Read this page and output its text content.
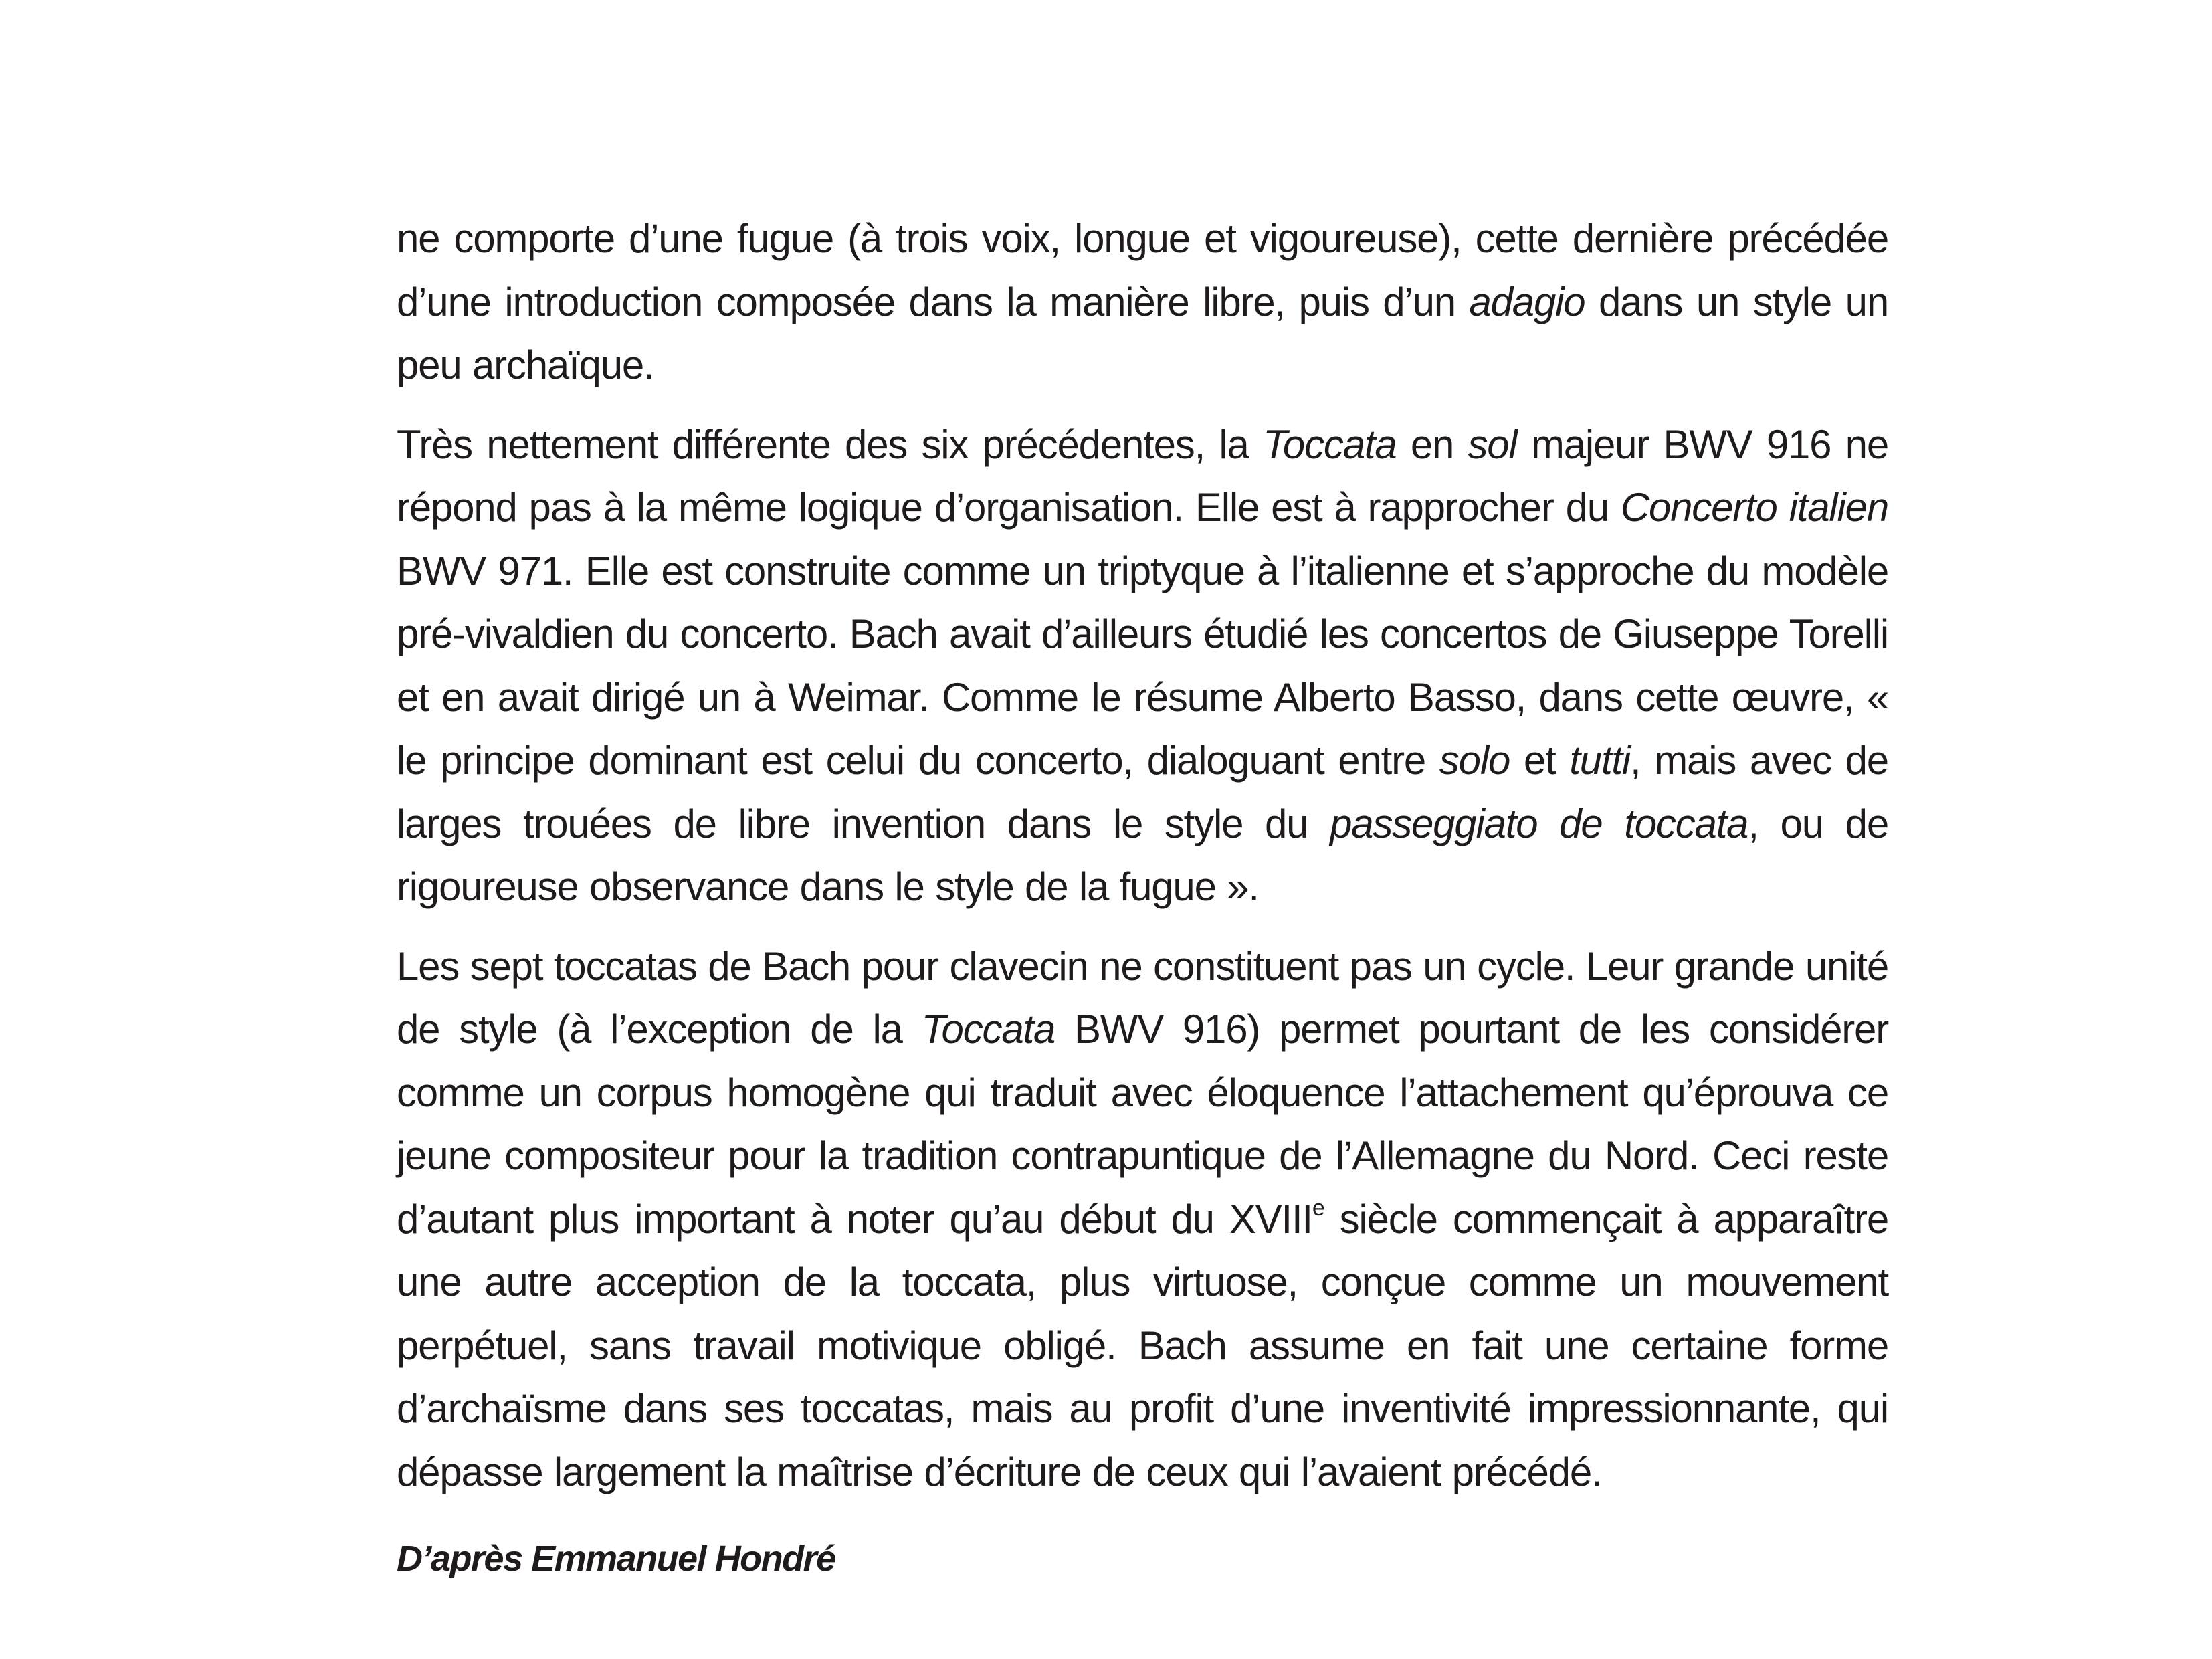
ne comporte d’une fugue (à trois voix, longue et vigoureuse), cette dernière précédée d’une introduction composée dans la manière libre, puis d’un adagio dans un style un peu archaïque.

Très nettement différente des six précédentes, la Toccata en sol majeur BWV 916 ne répond pas à la même logique d’organisation. Elle est à rapprocher du Concerto italien BWV 971. Elle est construite comme un triptyque à l’italienne et s’approche du modèle pré-vivaldien du concerto. Bach avait d’ailleurs étudié les concertos de Giuseppe Torelli et en avait dirigé un à Weimar. Comme le résume Alberto Basso, dans cette œuvre, « le principe dominant est celui du concerto, dialoguant entre solo et tutti, mais avec de larges trouées de libre invention dans le style du passeggiato de toccata, ou de rigoureuse observance dans le style de la fugue ».

Les sept toccatas de Bach pour clavecin ne constituent pas un cycle. Leur grande unité de style (à l’exception de la Toccata BWV 916) permet pourtant de les considérer comme un corpus homogène qui traduit avec éloquence l’attachement qu’éprouva ce jeune compositeur pour la tradition contrapuntique de l’Allemagne du Nord. Ceci reste d’autant plus important à noter qu’au début du XVIIIe siècle commençait à apparaître une autre acception de la toccata, plus virtuose, conçue comme un mouvement perpétuel, sans travail motivique obligé. Bach assume en fait une certaine forme d’archaïsme dans ses toccatas, mais au profit d’une inventivité impressionnante, qui dépasse largement la maîtrise d’écriture de ceux qui l’avaient précédé.

D’après Emmanuel Hondré
